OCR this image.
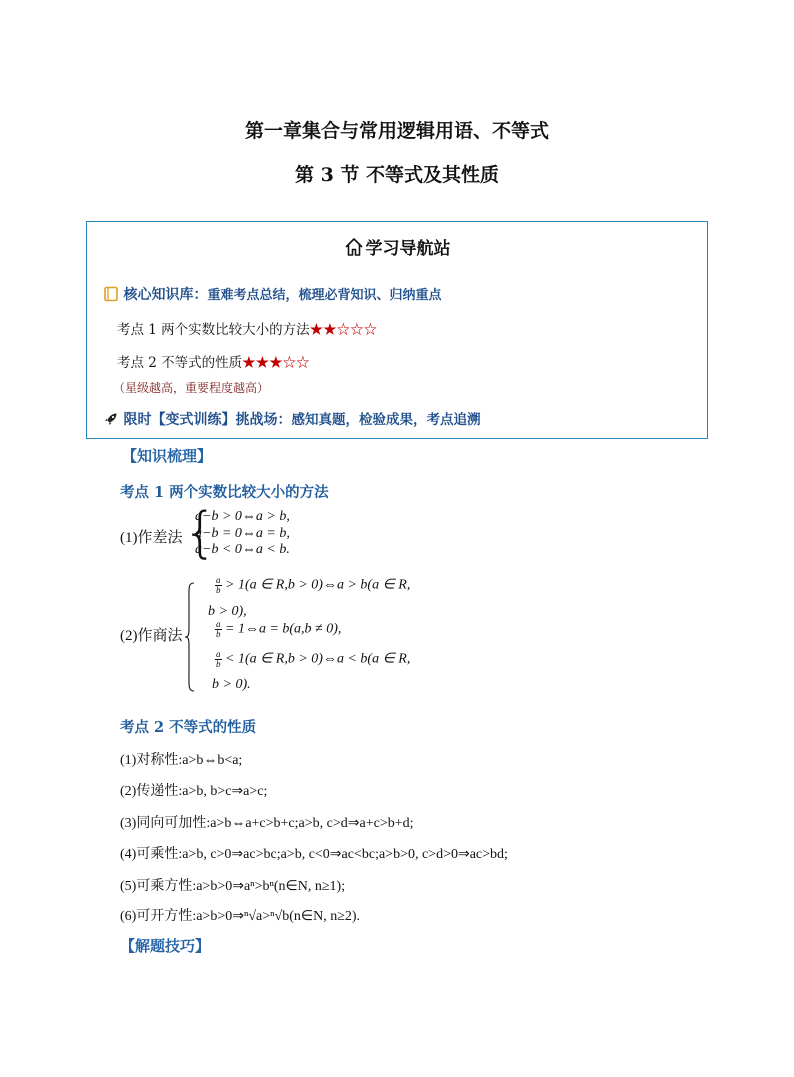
第一章集合与常用逻辑用语、不等式
第 3 节 不等式及其性质
学习导航站
核心知识库：重难考点总结，梳理必背知识、归纳重点
考点 1 两个实数比较大小的方法★★☆☆☆
考点 2 不等式的性质★★★☆☆
（星级越高，重要程度越高）
限时【变式训练】挑战场：感知真题，检验成果，考点追溯
【知识梳理】
考点 1 两个实数比较大小的方法
(1)作差法 {
a−b > 0⇔a > b,
a−b = 0⇔a = b,
a−b < 0⇔a < b.
(2)作商法
$\frac{a}{b} > 1(a$ ∈ R,b > 0)⇔a > b(a ∈ R,
b > 0),
$\frac{a}{b}$ = 1⇔a = b(a,b ≠ 0),
$\frac{a}{b} < 1(a$ ∈ R,b > 0)⇔a < b(a ∈ R,
b > 0).
考点 2 不等式的性质
(1)对称性:a>b⇔b<a;
(2)传递性:a>b, b>c⇒a>c;
(3)同向可加性:a>b⇔a+c>b+c;a>b, c>d⇒a+c>b+d;
(4)可乘性:a>b, c>0⇒ac>bc;a>b, c<0⇒ac<bc;a>b>0, c>d>0⇒ac>bd;
(5)可乘方性:a>b>0⇒aⁿ>bⁿ(n∈N, n≥1);
(6)可开方性:a>b>0⇒ⁿ√a>ⁿ√b(n∈N, n≥2).
【解题技巧】
